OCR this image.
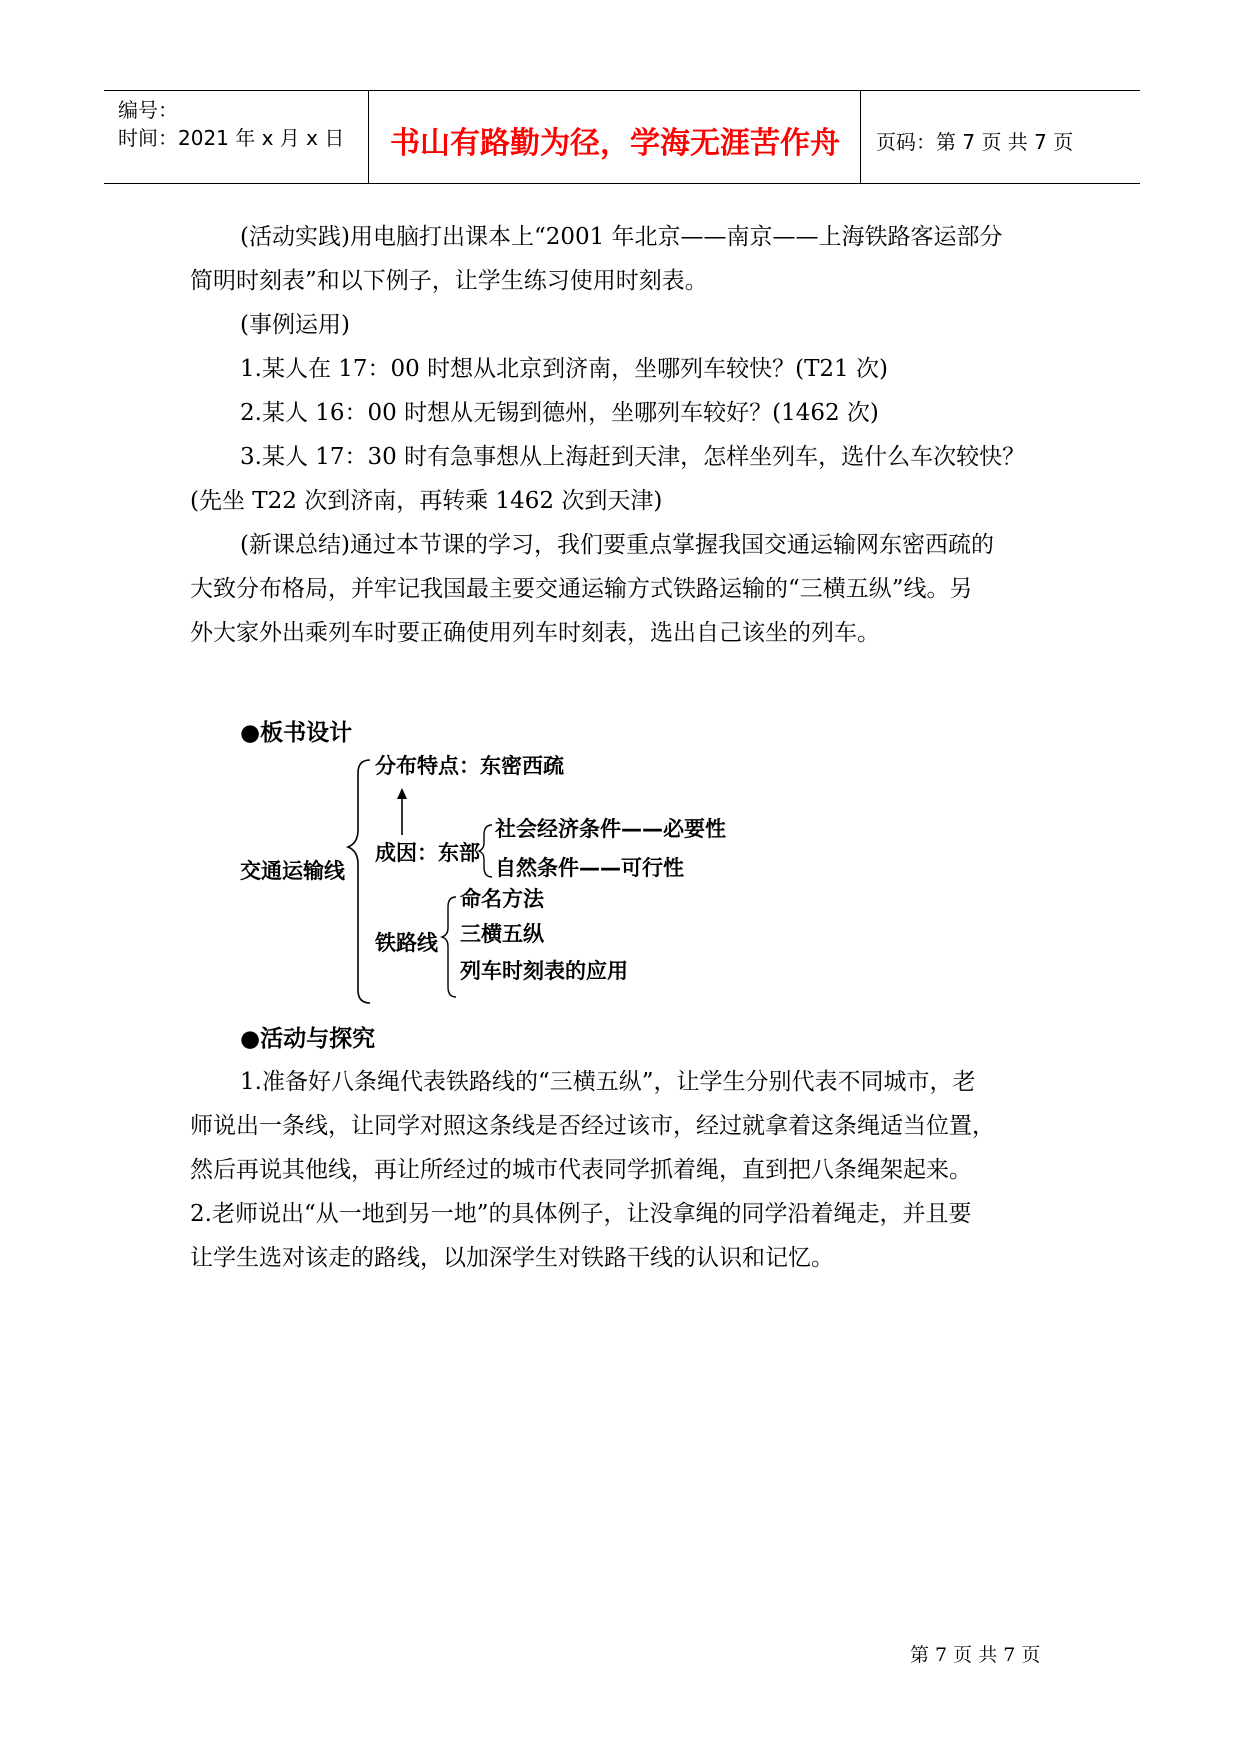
编号：
时间：2021 年 x 月 x 日	书山有路勤为径，学海无涯苦作舟	页码：第 7 页 共 7 页

(活动实践)用电脑打出课本上“2001 年北京——南京——上海铁路客运部分

简明时刻表”和以下例子，让学生练习使用时刻表。

(事例运用)

1.某人在 17：00 时想从北京到济南，坐哪列车较快？(T21 次)

2.某人 16：00 时想从无锡到德州，坐哪列车较好？(1462 次)

3.某人 17：30 时有急事想从上海赶到天津，怎样坐列车，选什么车次较快？

(先坐 T22 次到济南，再转乘 1462 次到天津)

(新课总结)通过本节课的学习，我们要重点掌握我国交通运输网东密西疏的

大致分布格局，并牢记我国最主要交通运输方式铁路运输的“三横五纵”线。另

外大家外出乘列车时要正确使用列车时刻表，选出自己该坐的列车。

●板书设计
交通运输线
分布特点：东密西疏
成因：东部
社会经济条件——必要性
自然条件——可行性
铁路线
命名方法
三横五纵
列车时刻表的应用
●活动与探究

1.准备好八条绳代表铁路线的“三横五纵”，让学生分别代表不同城市，老

师说出一条线，让同学对照这条线是否经过该市，经过就拿着这条绳适当位置，

然后再说其他线，再让所经过的城市代表同学抓着绳，直到把八条绳架起来。

2.老师说出“从一地到另一地”的具体例子，让没拿绳的同学沿着绳走，并且要

让学生选对该走的路线，以加深学生对铁路干线的认识和记忆。

第 7 页 共 7 页
